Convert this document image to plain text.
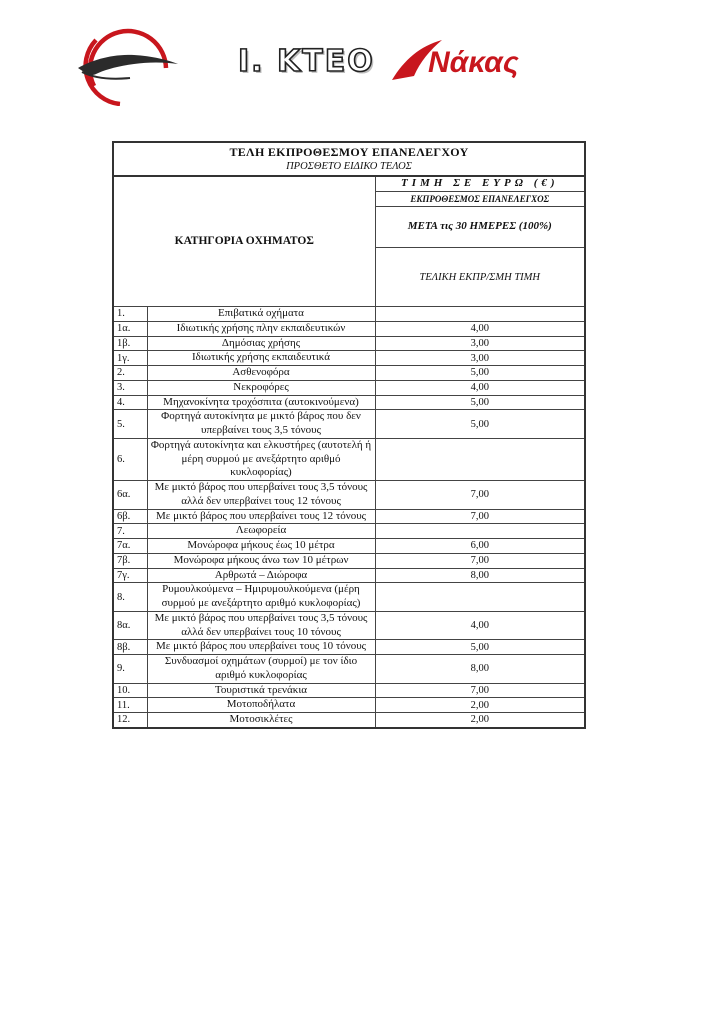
I. ΚΤΕΟ Νάκας
ΤΕΛΗ ΕΚΠΡΟΘΕΣΜΟΥ ΕΠΑΝΕΛΕΓΧΟΥ
ΠΡΟΣΘΕΤΟ ΕΙΔΙΚΟ ΤΕΛΟΣ		

ΚΑΤΗΓΟΡΙΑ ΟΧΗΜΑΤΟΣ		ΤΙΜΗ ΣΕ ΕΥΡΩ (€)
		ΕΚΠΡΟΘΕΣΜΟΣ ΕΠΑΝΕΛΕΓΧΟΣ
		ΜΕΤΑ τις 30 ΗΜΕΡΕΣ (100%)
		ΤΕΛΙΚΗ ΕΚΠΡ/ΣΜΗ ΤΙΜΗ
1.	Επιβατικά οχήματα	
1α.	Ιδιωτικής χρήσης πλην εκπαιδευτικών	4,00
1β.	Δημόσιας χρήσης	3,00
1γ.	Ιδιωτικής χρήσης εκπαιδευτικά	3,00
2.	Ασθενοφόρα	5,00
3.	Νεκροφόρες	4,00
4.	Μηχανοκίνητα τροχόσπιτα (αυτοκινούμενα)	5,00
5.	Φορτηγά αυτοκίνητα με μικτό βάρος που δεν υπερβαίνει τους 3,5 τόνους	5,00
6.	Φορτηγά αυτοκίνητα και ελκυστήρες (αυτοτελή ή μέρη συρμού με ανεξάρτητο αριθμό κυκλοφορίας)	
6α.	Με μικτό βάρος που υπερβαίνει τους 3,5 τόνους αλλά δεν υπερβαίνει τους 12 τόνους	7,00
6β.	Με μικτό βάρος που υπερβαίνει τους 12 τόνους	7,00
7.	Λεωφορεία	
7α.	Μονώροφα μήκους έως 10 μέτρα	6,00
7β.	Μονώροφα μήκους άνω των 10 μέτρων	7,00
7γ.	Αρθρωτά – Διώροφα	8,00
8.	Ρυμουλκούμενα – Ημιρυμουλκούμενα (μέρη συρμού με ανεξάρτητο αριθμό κυκλοφορίας)	
8α.	Με μικτό βάρος που υπερβαίνει τους 3,5 τόνους αλλά δεν υπερβαίνει τους 10 τόνους	4,00
8β.	Με μικτό βάρος που υπερβαίνει τους 10 τόνους	5,00
9.	Συνδυασμοί οχημάτων (συρμοί) με τον ίδιο αριθμό κυκλοφορίας	8,00
10.	Τουριστικά τρενάκια	7,00
11.	Μοτοποδήλατα	2,00
12.	Μοτοσικλέτες	2,00
